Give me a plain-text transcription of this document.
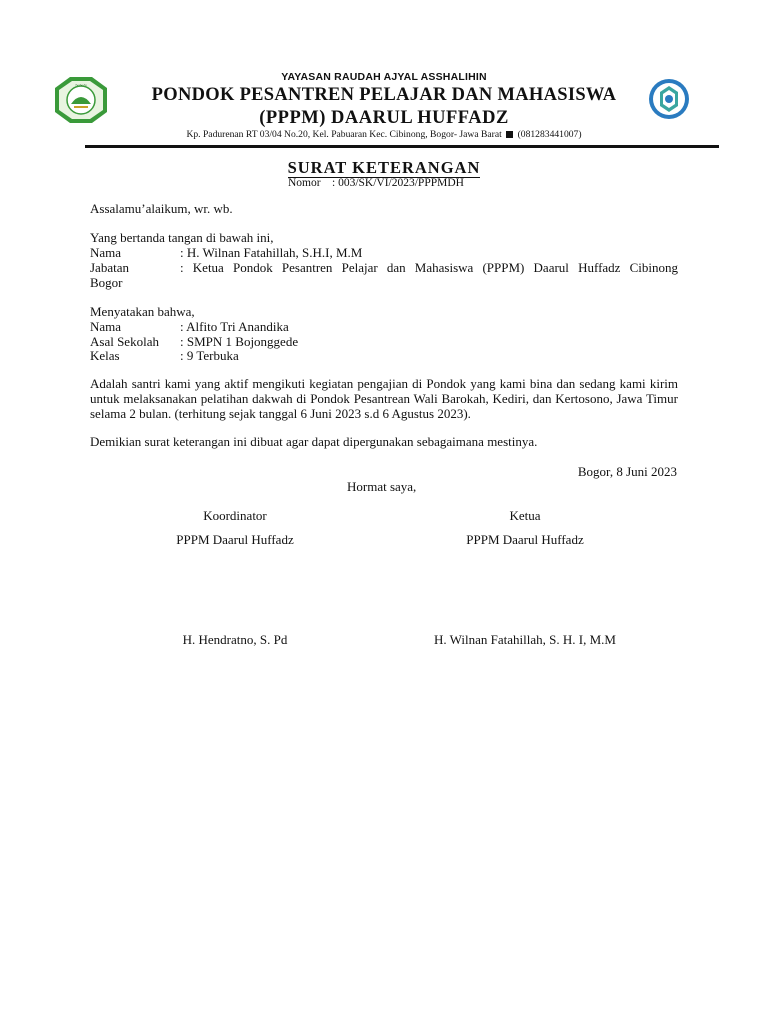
~~~
YAYASAN RAUDAH AJYAL ASSHALIHIN
PONDOK PESANTREN PELAJAR DAN MAHASISWA
(PPPM) DAARUL HUFFADZ
Kp. Padurenan RT 03/04 No.20, Kel. Pabuaran Kec. Cibinong, Bogor- Jawa Barat (081283441007)
SURAT KETERANGAN
Nomor : 003/SK/VI/2023/PPPMDH
Assalamu’alaikum, wr. wb.
Yang bertanda tangan di bawah ini,
Nama	: H. Wilnan Fatahillah, S.H.I, M.M
Jabatan	: Ketua Pondok Pesantren Pelajar dan Mahasiswa (PPPM) Daarul Huffadz Cibinong
Bogor
Menyatakan bahwa,
Nama	: Alfito Tri Anandika
Asal Sekolah : SMPN 1 Bojonggede
Kelas	: 9 Terbuka
Adalah santri kami yang aktif mengikuti kegiatan pengajian di Pondok yang kami bina dan sedang kami kirim untuk melaksanakan pelatihan dakwah di Pondok Pesantrean Wali Barokah, Kediri, dan Kertosono, Jawa Timur selama 2 bulan. (terhitung sejak tanggal 6 Juni 2023 s.d 6 Agustus 2023).
Demikian surat keterangan ini dibuat agar dapat dipergunakan sebagaimana mestinya.
Bogor, 8 Juni 2023
Hormat saya,
Koordinator	Ketua
PPPM Daarul Huffadz	PPPM Daarul Huffadz
H. Hendratno, S. Pd	H. Wilnan Fatahillah, S. H. I, M.M
